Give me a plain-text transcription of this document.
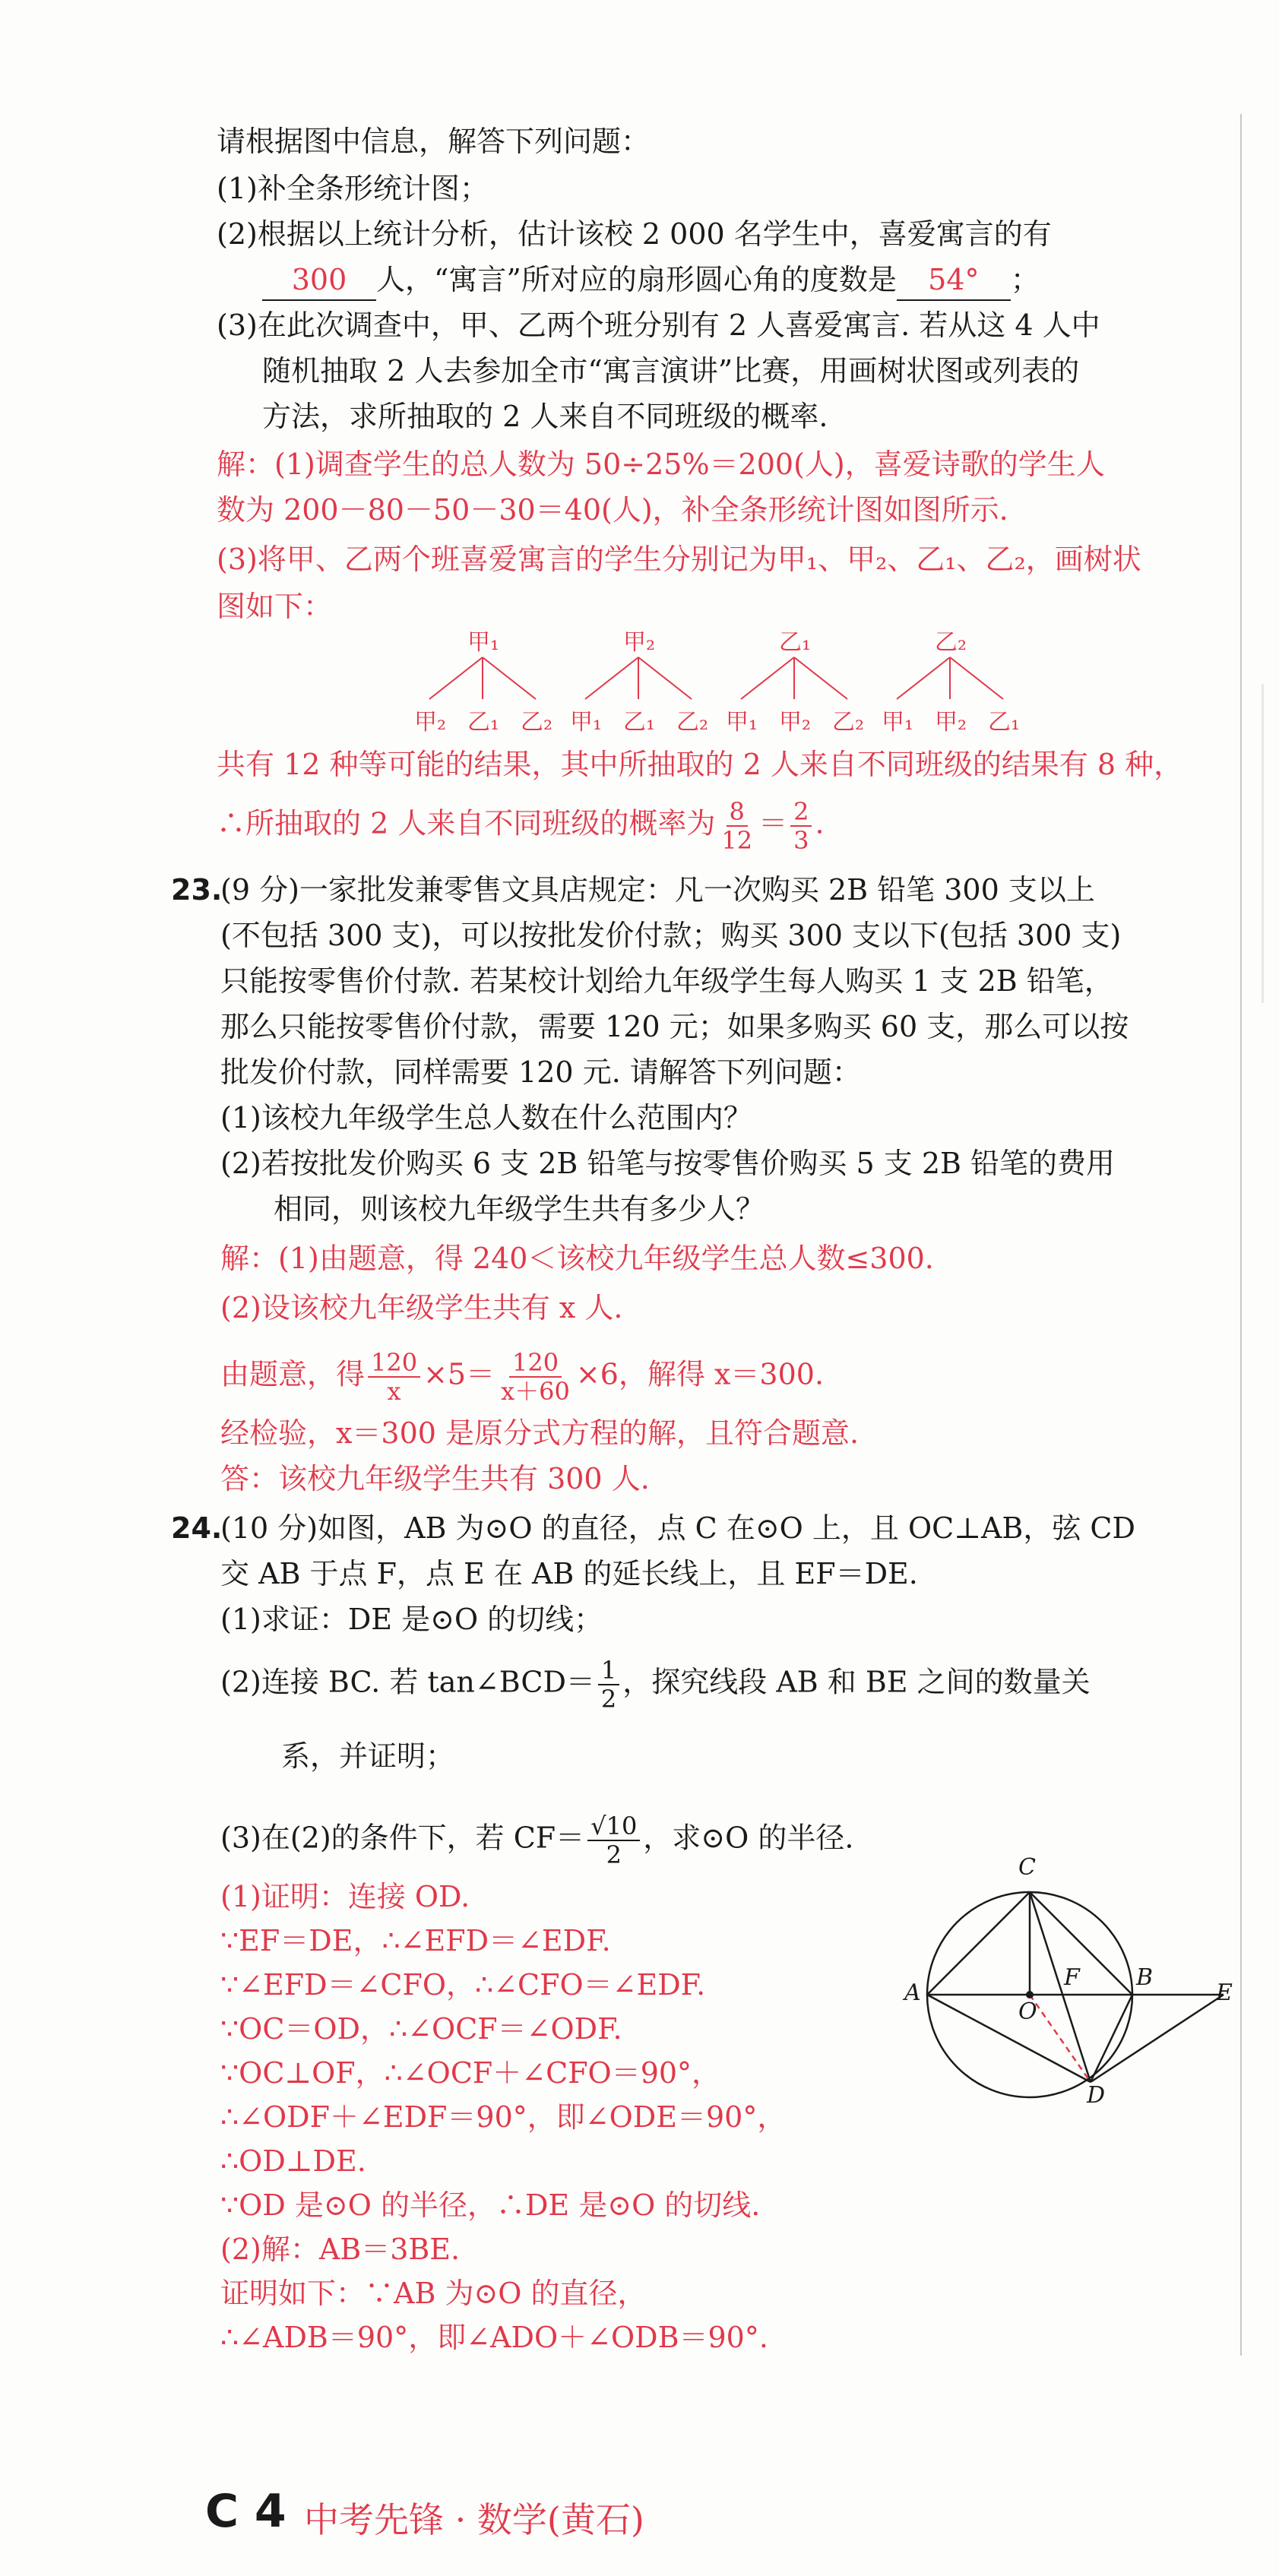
请根据图中信息，解答下列问题：
(1)补全条形统计图；
(2)根据以上统计分析，估计该校 2 000 名学生中，喜爱寓言的有
300 人，“寓言”所对应的扇形圆心角的度数是 54° ；
(3)在此次调查中，甲、乙两个班分别有 2 人喜爱寓言. 若从这 4 人中
随机抽取 2 人去参加全市“寓言演讲”比赛，用画树状图或列表的
方法，求所抽取的 2 人来自不同班级的概率.
解：(1)调查学生的总人数为 50÷25%＝200(人)，喜爱诗歌的学生人
数为 200－80－50－30＝40(人)，补全条形统计图如图所示.
(3)将甲、乙两个班喜爱寓言的学生分别记为甲₁、甲₂、乙₁、乙₂，画树状
图如下：
甲₁	甲₂	乙₁	乙₂
甲₂ 乙₁ 乙₂ 甲₁ 乙₁ 乙₂ 甲₁ 甲₂ 乙₂ 甲₁ 甲₂ 乙₁
共有 12 种等可能的结果，其中所抽取的 2 人来自不同班级的结果有 8 种，
∴所抽取的 2 人来自不同班级的概率为 $\frac{8}{12} = \frac{2}{3}$ .
23.
(9 分)一家批发兼零售文具店规定：凡一次购买 2B 铅笔 300 支以上
(不包括 300 支)，可以按批发价付款；购买 300 支以下(包括 300 支)
只能按零售价付款. 若某校计划给九年级学生每人购买 1 支 2B 铅笔，
那么只能按零售价付款，需要 120 元；如果多购买 60 支，那么可以按
批发价付款，同样需要 120 元. 请解答下列问题：
(1)该校九年级学生总人数在什么范围内？
(2)若按批发价购买 6 支 2B 铅笔与按零售价购买 5 支 2B 铅笔的费用
相同，则该校九年级学生共有多少人？
解：(1)由题意，得 240＜该校九年级学生总人数≤300.
(2)设该校九年级学生共有 x 人.
由题意，得 $\frac{120}{x} \times 5= \frac{120}{x+60} \times 6$，解得 x＝300.
经检验，x＝300 是原分式方程的解，且符合题意.
答：该校九年级学生共有 300 人.
24.
(10 分)如图，AB 为⊙O 的直径，点 C 在⊙O 上，且 OC⊥AB，弦 CD
交 AB 于点 F，点 E 在 AB 的延长线上，且 EF＝DE.
(1)求证：DE 是⊙O 的切线；
(2)连接 BC. 若 tan∠BCD＝ $\frac{1}{2}$ ，探究线段 AB 和 BE 之间的数量关
系，并证明；
(3)在(2)的条件下，若 $CF= \frac{√10}{2}$ ，求⊙O 的半径.
(1)证明：连接 OD.
∵EF＝DE，∴∠EFD＝∠EDF.
∵∠EFD＝∠CFO，∴∠CFO＝∠EDF.
∵OC＝OD，∴∠OCF＝∠ODF.
∵OC⊥OF，∴∠OCF＋∠CFO＝90°，
∴∠ODF＋∠EDF＝90°，即∠ODE＝90°，
∴OD⊥DE.
∵OD 是⊙O 的半径，∴DE 是⊙O 的切线.
(2)解：AB＝3BE.
证明如下：∵AB 为⊙O 的直径，
∴∠ADB＝90°，即∠ADO＋∠ODB＝90°.
C
A
O
F B
E
D
C 4 中考先锋 · 数学(黄石)
